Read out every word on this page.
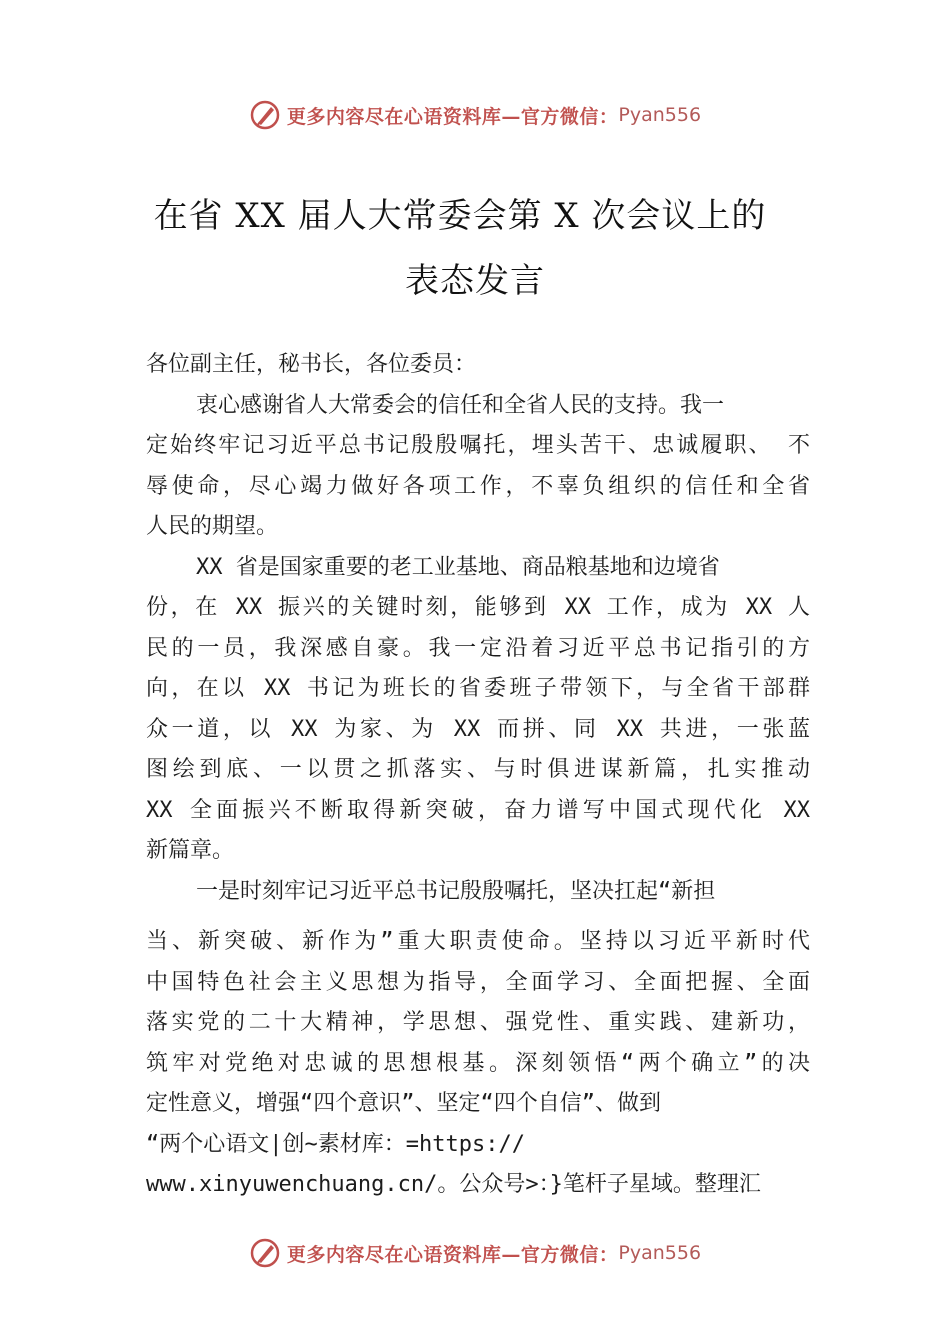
更多内容尽在心语资料库—官方微信： Pyan556
在省 XX 届人大常委会第 X 次会议上的
表态发言
各位副主任，秘书长，各位委员：
衷心感谢省人大常委会的信任和全省人民的支持。我一
定始终牢记习近平总书记殷殷嘱托，埋头苦干、忠诚履职、 不
辱使命，尽心竭力做好各项工作，不辜负组织的信任和全省
人民的期望。
XX 省是国家重要的老工业基地、商品粮基地和边境省
份，在 XX 振兴的关键时刻，能够到 XX 工作，成为 XX 人
民的一员，我深感自豪。我一定沿着习近平总书记指引的方
向，在以 XX 书记为班长的省委班子带领下，与全省干部群
众一道，以 XX 为家、为 XX 而拼、同 XX 共进，一张蓝
图绘到底、一以贯之抓落实、与时俱进谋新篇，扎实推动
XX 全面振兴不断取得新突破，奋力谱写中国式现代化 XX
新篇章。
一是时刻牢记习近平总书记殷殷嘱托，坚决扛起“新担
当、新突破、新作为”重大职责使命。坚持以习近平新时代
中国特色社会主义思想为指导，全面学习、全面把握、全面
落实党的二十大精神，学思想、强党性、重实践、建新功，
筑牢对党绝对忠诚的思想根基。深刻领悟“两个确立”的决
定性意义，增强“四个意识”、坚定“四个自信”、做到
“两个心语文|创~素材库：=https://
www.xinyuwenchuang.cn/。公众号>：}笔杆子星域。整理汇
更多内容尽在心语资料库—官方微信： Pyan556
